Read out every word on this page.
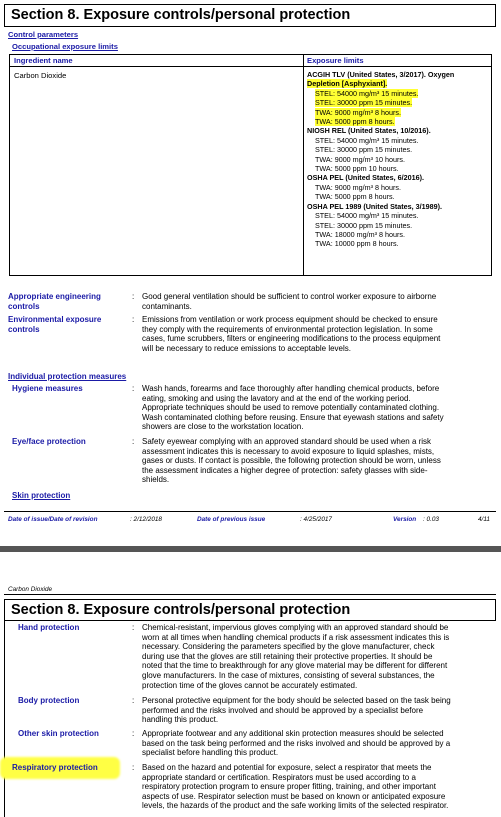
Section 8. Exposure controls/personal protection
Control parameters
Occupational exposure limits
Ingredient name	Exposure limits
Carbon Dioxide	ACGIH TLV (United States, 3/2017). Oxygen
Depletion [Asphyxiant].
STEL: 54000 mg/m³ 15 minutes.
STEL: 30000 ppm 15 minutes.
TWA: 9000 mg/m³ 8 hours.
TWA: 5000 ppm 8 hours.
NIOSH REL (United States, 10/2016).
STEL: 54000 mg/m³ 15 minutes.
STEL: 30000 ppm 15 minutes.
TWA: 9000 mg/m³ 10 hours.
TWA: 5000 ppm 10 hours.
OSHA PEL (United States, 6/2016).
TWA: 9000 mg/m³ 8 hours.
TWA: 5000 ppm 8 hours.
OSHA PEL 1989 (United States, 3/1989).
STEL: 54000 mg/m³ 15 minutes.
STEL: 30000 ppm 15 minutes.
TWA: 18000 mg/m³ 8 hours.
TWA: 10000 ppm 8 hours.
Appropriate engineering
controls
: Good general ventilation should be sufficient to control worker exposure to airborne
contaminants.
Environmental exposure
controls
: Emissions from ventilation or work process equipment should be checked to ensure
they comply with the requirements of environmental protection legislation. In some
cases, fume scrubbers, filters or engineering modifications to the process equipment
will be necessary to reduce emissions to acceptable levels.
Individual protection measures
Hygiene measures	: Wash hands, forearms and face thoroughly after handling chemical products, before
eating, smoking and using the lavatory and at the end of the working period.
Appropriate techniques should be used to remove potentially contaminated clothing.
Wash contaminated clothing before reusing. Ensure that eyewash stations and safety
showers are close to the workstation location.
Eye/face protection	: Safety eyewear complying with an approved standard should be used when a risk
assessment indicates this is necessary to avoid exposure to liquid splashes, mists,
gases or dusts. If contact is possible, the following protection should be worn, unless
the assessment indicates a higher degree of protection: safety glasses with side-
shields.
Skin protection
Date of issue/Date of revision	: 2/12/2018	Date of previous issue	: 4/25/2017	Version : 0.03	4/11
Carbon Dioxide
Section 8. Exposure controls/personal protection
Hand protection	: Chemical-resistant, impervious gloves complying with an approved standard should be
worn at all times when handling chemical products if a risk assessment indicates this is
necessary. Considering the parameters specified by the glove manufacturer, check
during use that the gloves are still retaining their protective properties. It should be
noted that the time to breakthrough for any glove material may be different for different
glove manufacturers. In the case of mixtures, consisting of several substances, the
protection time of the gloves cannot be accurately estimated.
Body protection	: Personal protective equipment for the body should be selected based on the task being
performed and the risks involved and should be approved by a specialist before
handling this product.
Other skin protection	: Appropriate footwear and any additional skin protection measures should be selected
based on the task being performed and the risks involved and should be approved by a
specialist before handling this product.
Respiratory protection	: Based on the hazard and potential for exposure, select a respirator that meets the
appropriate standard or certification. Respirators must be used according to a
respiratory protection program to ensure proper fitting, training, and other important
aspects of use. Respirator selection must be based on known or anticipated exposure
levels, the hazards of the product and the safe working limits of the selected respirator.
